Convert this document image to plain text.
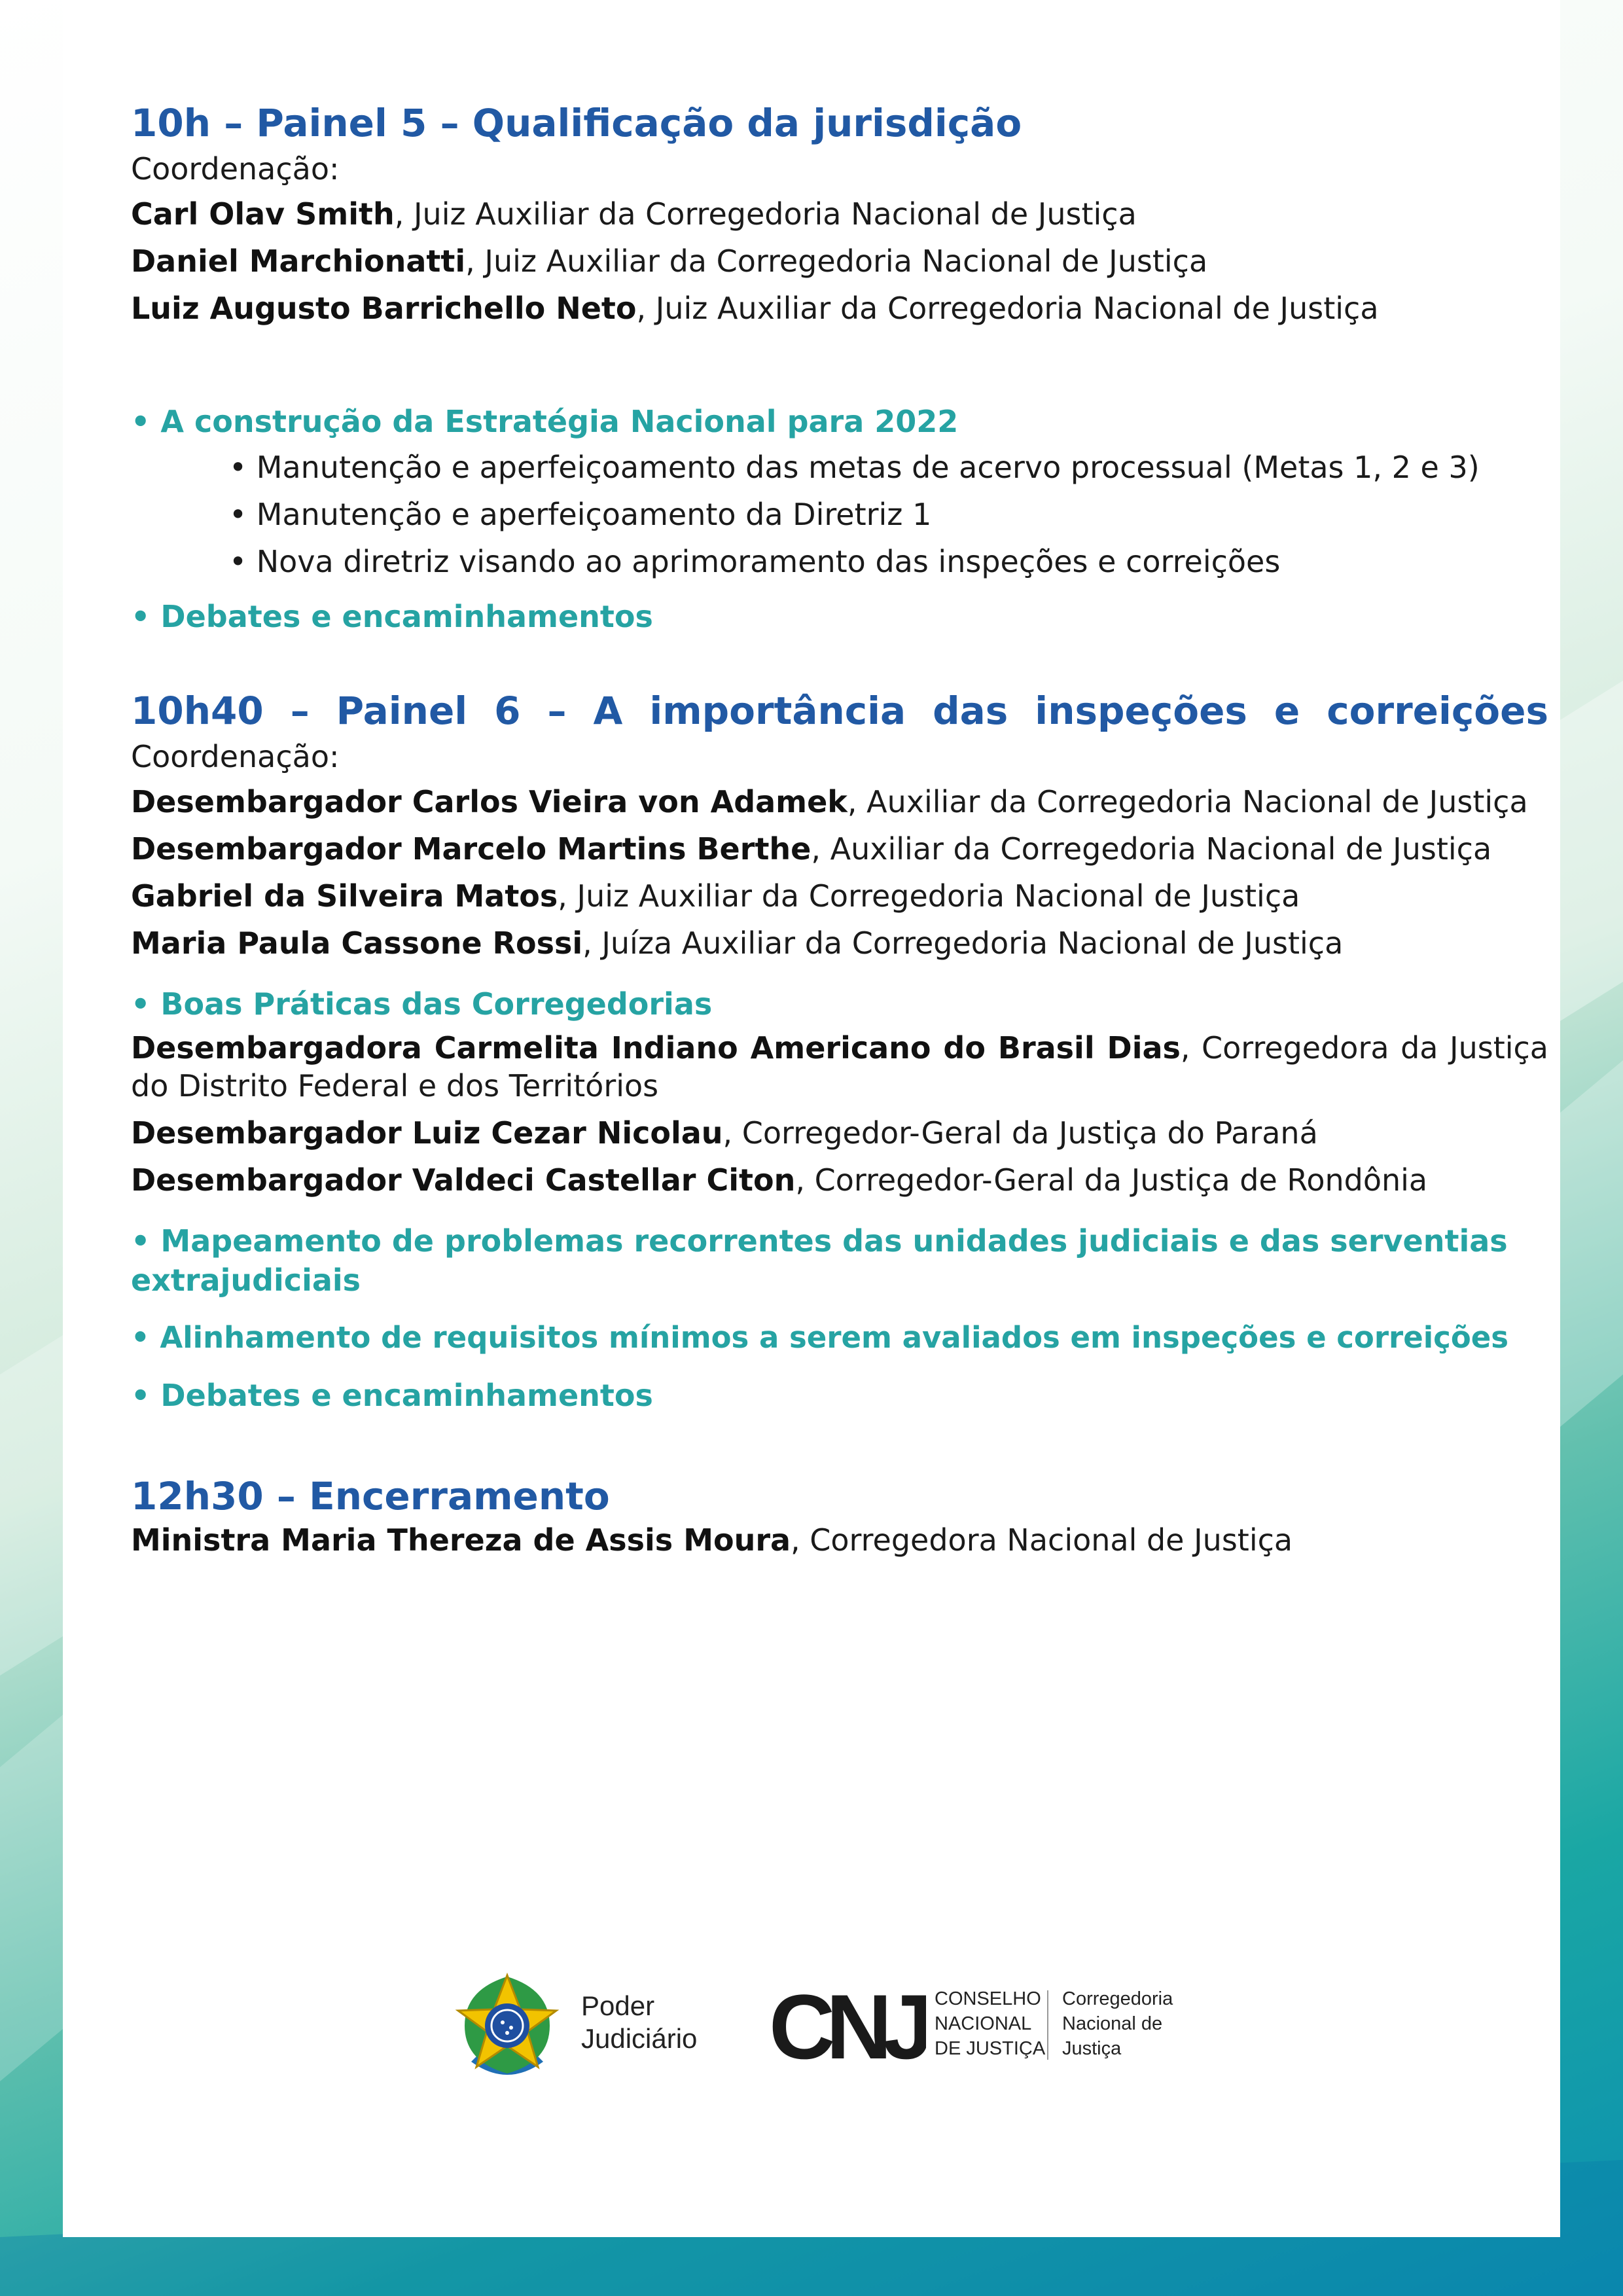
10h – Painel 5 – Qualificação da jurisdição

Coordenação:

Carl Olav Smith, Juiz Auxiliar da Corregedoria Nacional de Justiça

Daniel Marchionatti, Juiz Auxiliar da Corregedoria Nacional de Justiça

Luiz Augusto Barrichello Neto, Juiz Auxiliar da Corregedoria Nacional de Justiça

• A construção da Estratégia Nacional para 2022

• Manutenção e aperfeiçoamento das metas de acervo processual (Metas 1, 2 e 3)

• Manutenção e aperfeiçoamento da Diretriz 1

• Nova diretriz visando ao aprimoramento das inspeções e correições

• Debates e encaminhamentos

10h40 – Painel 6 – A importância das inspeções e correições

Coordenação:

Desembargador Carlos Vieira von Adamek, Auxiliar da Corregedoria Nacional de Justiça

Desembargador Marcelo Martins Berthe, Auxiliar da Corregedoria Nacional de Justiça

Gabriel da Silveira Matos, Juiz Auxiliar da Corregedoria Nacional de Justiça

Maria Paula Cassone Rossi, Juíza Auxiliar da Corregedoria Nacional de Justiça

• Boas Práticas das Corregedorias

Desembargadora Carmelita Indiano Americano do Brasil Dias, Corregedora da Justiça do Distrito Federal e dos Territórios

Desembargador Luiz Cezar Nicolau, Corregedor-Geral da Justiça do Paraná

Desembargador Valdeci Castellar Citon, Corregedor-Geral da Justiça de Rondônia

• Mapeamento de problemas recorrentes das unidades judiciais e das serventias extrajudiciais

• Alinhamento de requisitos mínimos a serem avaliados em inspeções e correições

• Debates e encaminhamentos

12h30 – Encerramento

Ministra Maria Thereza de Assis Moura, Corregedora Nacional de Justiça

Poder
Judiciário CNJ CONSELHO
NACIONAL
DE JUSTIÇA
Corregedoria
Nacional de
Justiça
